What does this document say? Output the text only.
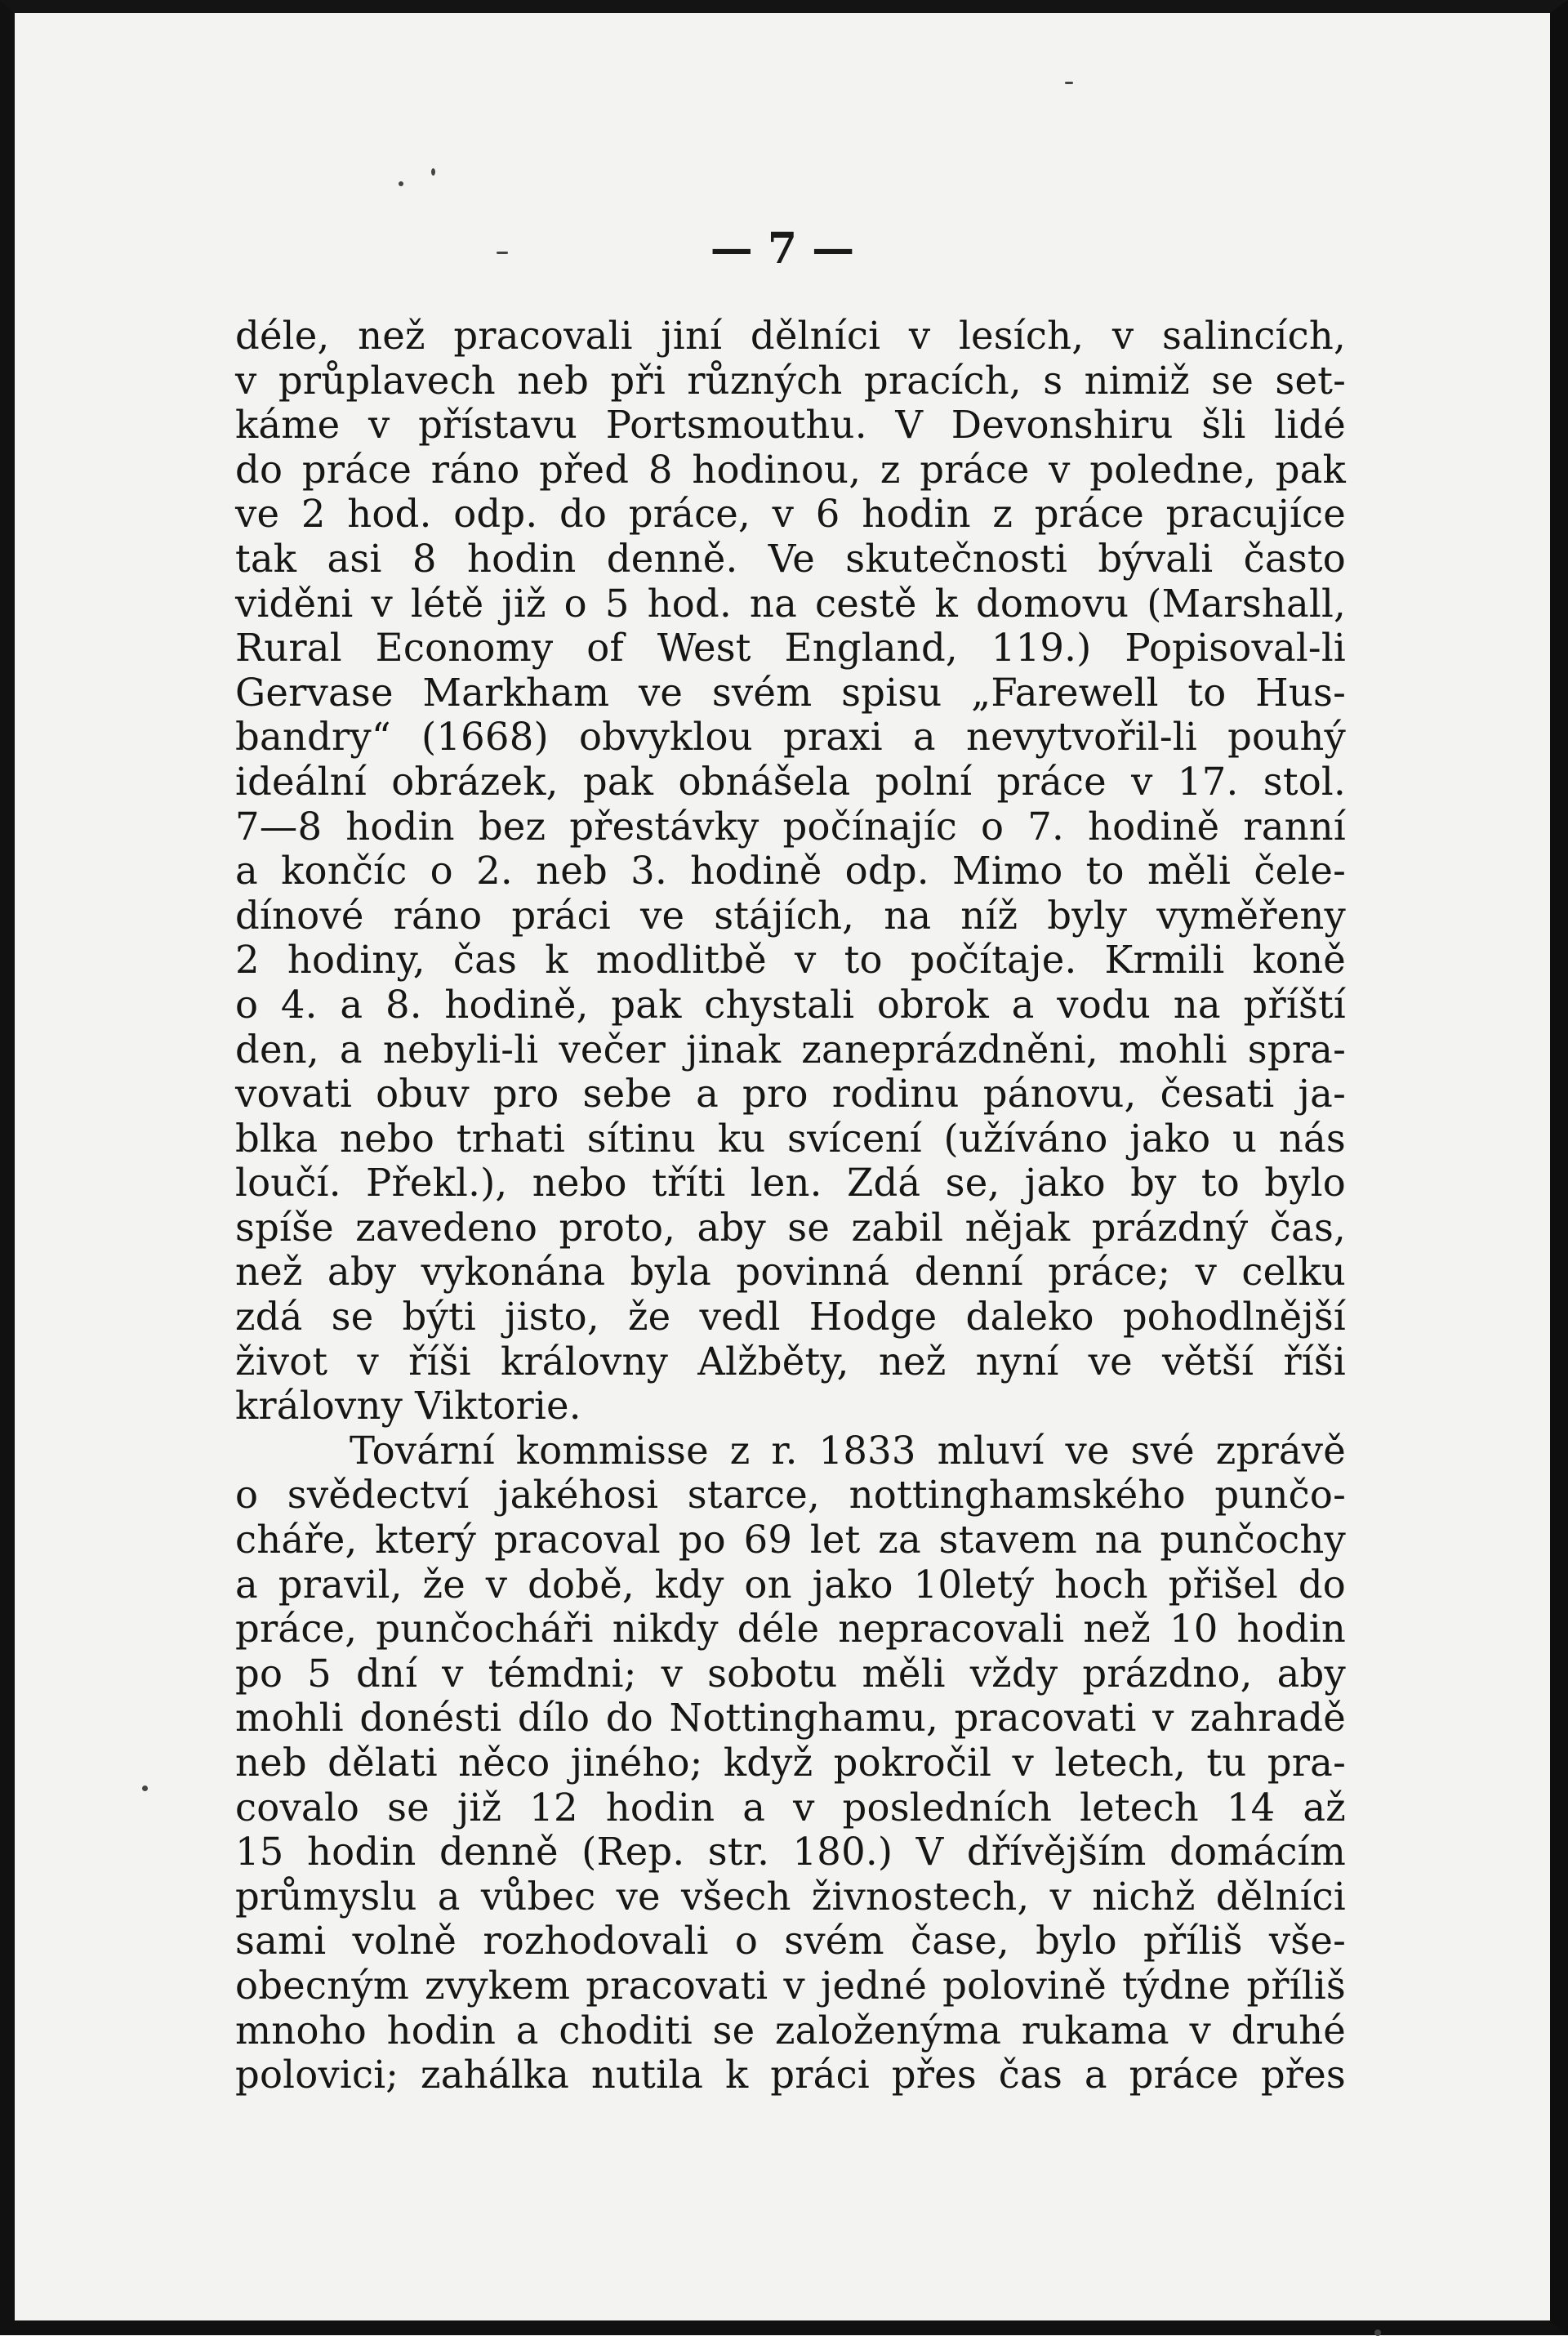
— 7 —
déle, než pracovali jiní dělníci v lesích, v salincích,
v průplavech neb při různých pracích, s nimiž se set-
káme v přístavu Portsmouthu. V Devonshiru šli lidé
do práce ráno před 8 hodinou, z práce v poledne, pak
ve 2 hod. odp. do práce, v 6 hodin z práce pracujíce
tak asi 8 hodin denně. Ve skutečnosti bývali často
viděni v létě již o 5 hod. na cestě k domovu (Marshall,
Rural Economy of West England, 119.) Popisoval-li
Gervase Markham ve svém spisu „Farewell to Hus-
bandry“ (1668) obvyklou praxi a nevytvořil-li pouhý
ideální obrázek, pak obnášela polní práce v 17. stol.
7—8 hodin bez přestávky počínajíc o 7. hodině ranní
a končíc o 2. neb 3. hodině odp. Mimo to měli čele-
dínové ráno práci ve stájích, na níž byly vyměřeny
2 hodiny, čas k modlitbě v to počítaje. Krmili koně
o 4. a 8. hodině, pak chystali obrok a vodu na příští
den, a nebyli-li večer jinak zaneprázdněni, mohli spra-
vovati obuv pro sebe a pro rodinu pánovu, česati ja-
blka nebo trhati sítinu ku svícení (užíváno jako u nás
loučí. Překl.), nebo tříti len. Zdá se, jako by to bylo
spíše zavedeno proto, aby se zabil nějak prázdný čas,
než aby vykonána byla povinná denní práce; v celku
zdá se býti jisto, že vedl Hodge daleko pohodlnější
život v říši královny Alžběty, než nyní ve větší říši
královny Viktorie.
Tovární kommisse z r. 1833 mluví ve své zprávě
o svědectví jakéhosi starce, nottinghamského punčo-
cháře, který pracoval po 69 let za stavem na punčochy
a pravil, že v době, kdy on jako 10letý hoch přišel do
práce, punčocháři nikdy déle nepracovali než 10 hodin
po 5 dní v témdni; v sobotu měli vždy prázdno, aby
mohli donésti dílo do Nottinghamu, pracovati v zahradě
neb dělati něco jiného; když pokročil v letech, tu pra-
covalo se již 12 hodin a v posledních letech 14 až
15 hodin denně (Rep. str. 180.) V dřívějším domácím
průmyslu a vůbec ve všech živnostech, v nichž dělníci
sami volně rozhodovali o svém čase, bylo příliš vše-
obecným zvykem pracovati v jedné polovině týdne příliš
mnoho hodin a choditi se založenýma rukama v druhé
polovici; zahálka nutila k práci přes čas a práce přes
